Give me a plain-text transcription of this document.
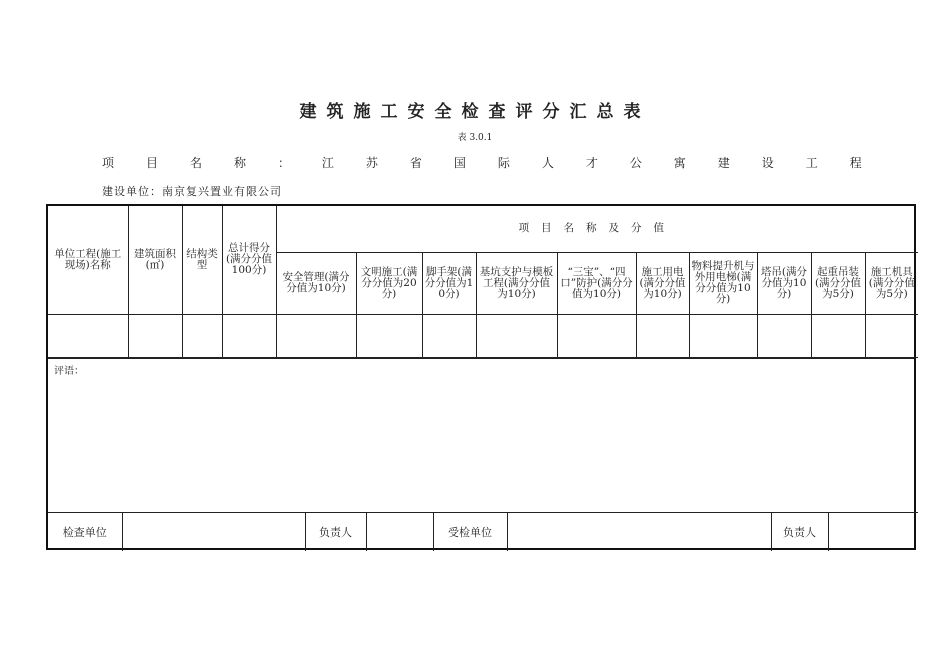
建筑施工安全检查评分汇总表
表 3.0.1
项	目	名	称	：	江	苏	省	国	际	人	才	公	寓	建	设	工	程
建设单位：南京复兴置业有限公司
单位工程(施工现场)名称	建筑面积(㎡)	结构类型	总计得分(满分分值100分)	项目名称及分值									
				安全管理(满分分值为10分)	文明施工(满分分值为20分)	脚手架(满分分值为10分)	基坑支护与模板工程(满分分值为10分)	“三宝”、“四口”防护(满分分值为10分)	施工用电(满分分值为10分)	物料提升机与外用电梯(满分分值为10分)	塔吊(满分分值为10分)	起重吊装(满分分值为5分)	施工机具(满分分值为5分)

评语：
检查单位		负责人		受检单位		负责人	
